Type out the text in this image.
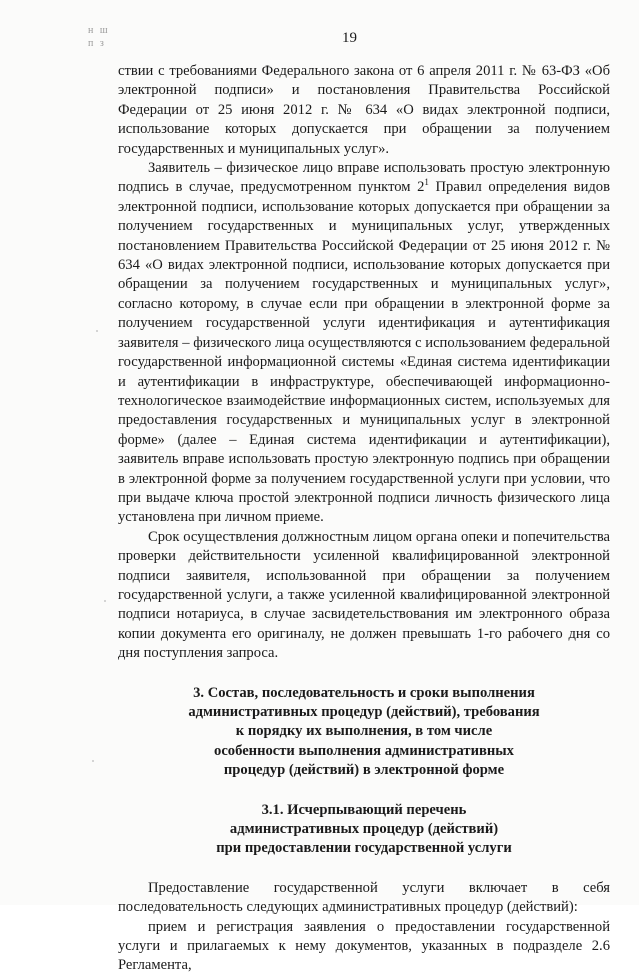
н ш
п з	19

ствии с требованиями Федерального закона от 6 апреля 2011 г. № 63-ФЗ «Об электронной подписи» и постановления Правительства Российской Федерации от 25 июня 2012 г. № 634 «О видах электронной подписи, использование которых допускается при обращении за получением государственных и муниципальных услуг».

Заявитель – физическое лицо вправе использовать простую электронную подпись в случае, предусмотренном пунктом $2^1$ Правил определения видов электронной подписи, использование которых допускается при обращении за получением государственных и муниципальных услуг, утвержденных постановлением Правительства Российской Федерации от 25 июня 2012 г. № 634 «О видах электронной подписи, использование которых допускается при обращении за получением государственных и муниципальных услуг», согласно которому, в случае если при обращении в электронной форме за получением государственной услуги идентификация и аутентификация заявителя – физического лица осуществляются с использованием федеральной государственной информационной системы «Единая система идентификации и аутентификации в инфраструктуре, обеспечивающей информационно-технологическое взаимодействие информационных систем, используемых для предоставления государственных и муниципальных услуг в электронной форме» (далее – Единая система идентификации и аутентификации), заявитель вправе использовать простую электронную подпись при обращении в электронной форме за получением государственной услуги при условии, что при выдаче ключа простой электронной подписи личность физического лица установлена при личном приеме.

Срок осуществления должностным лицом органа опеки и попечительства проверки действительности усиленной квалифицированной электронной подписи заявителя, использованной при обращении за получением государственной услуги, а также усиленной квалифицированной электронной подписи нотариуса, в случае засвидетельствования им электронного образа копии документа его оригиналу, не должен превышать 1-го рабочего дня со дня поступления запроса.

3. Состав, последовательность и сроки выполнения

административных процедур (действий), требования

к порядку их выполнения, в том числе

особенности выполнения административных

процедур (действий) в электронной форме

3.1. Исчерпывающий перечень

административных процедур (действий)

при предоставлении государственной услуги

Предоставление государственной услуги включает в себя последовательность следующих административных процедур (действий):

прием и регистрация заявления о предоставлении государственной услуги и прилагаемых к нему документов, указанных в подразделе 2.6 Регламента,
